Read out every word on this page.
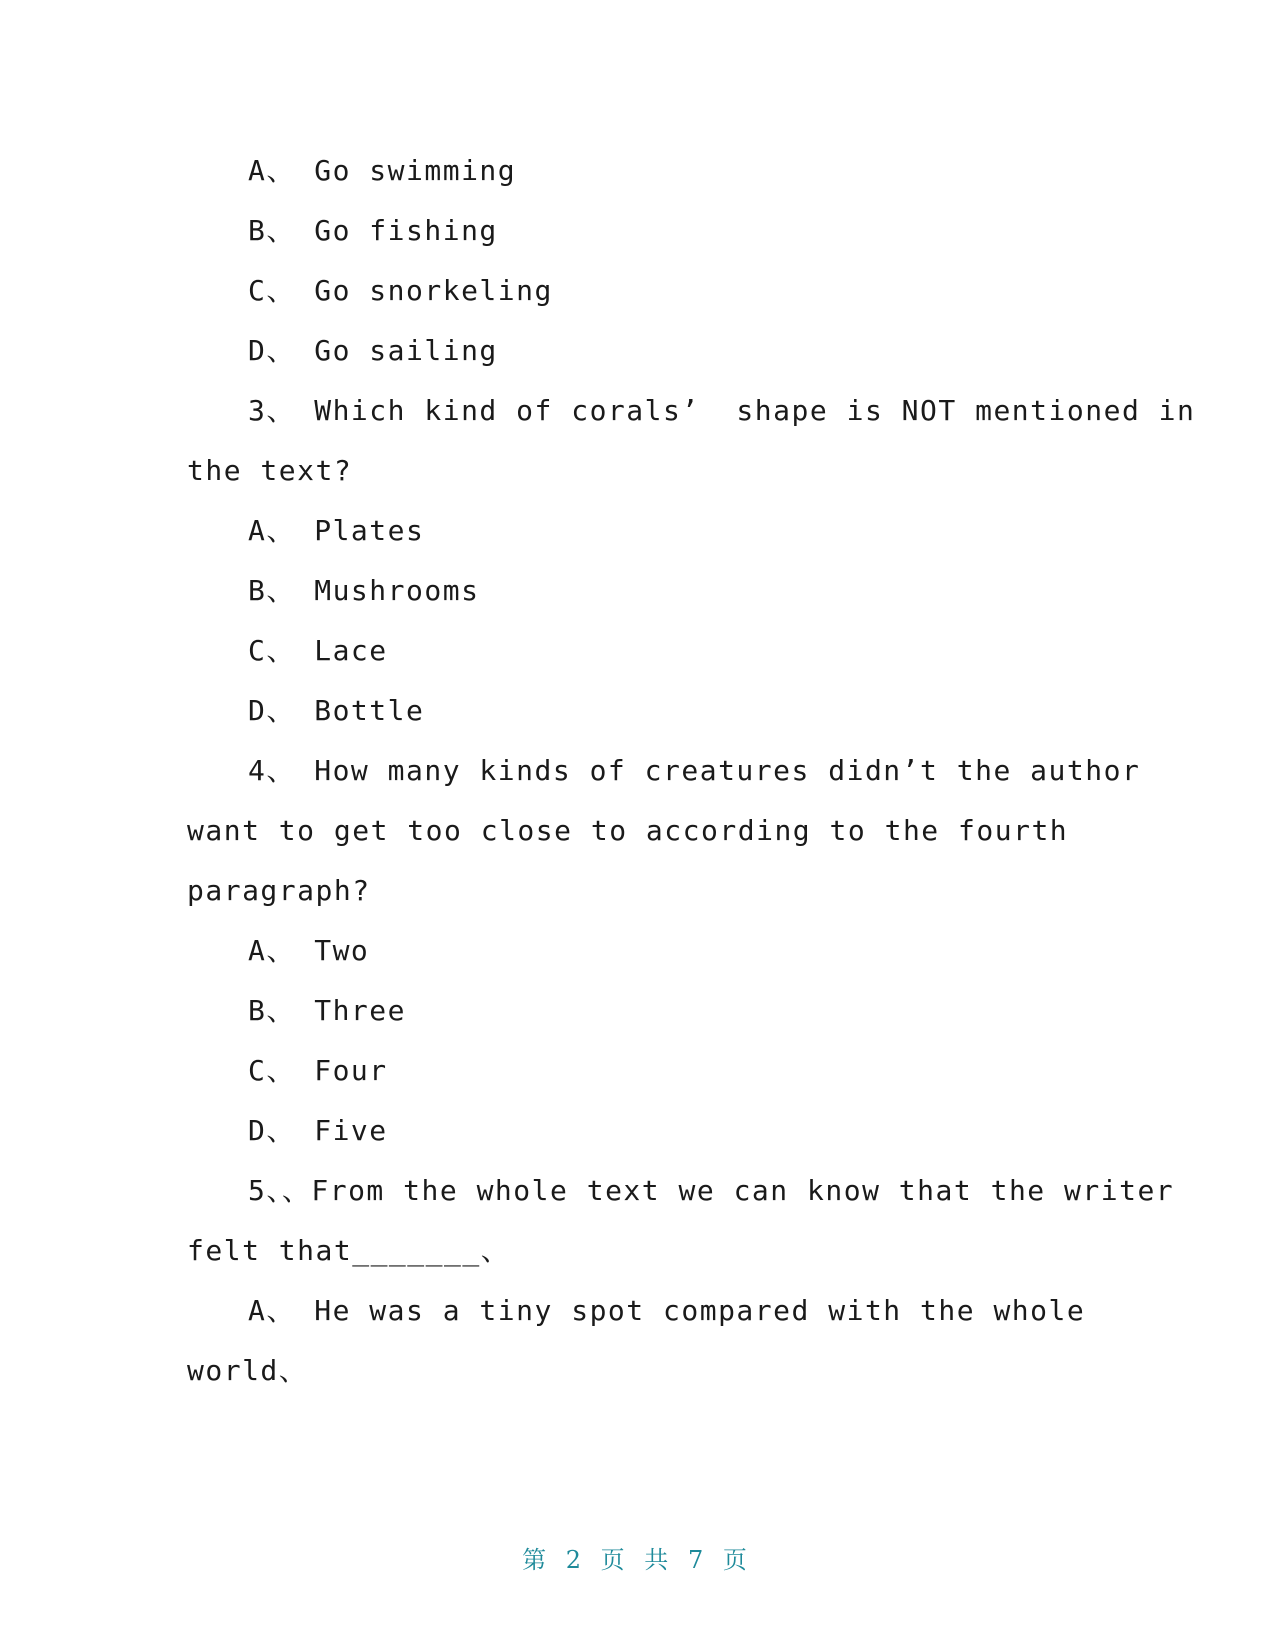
A、 Go swimming
B、 Go fishing
C、 Go snorkeling
D、 Go sailing
3、 Which kind of corals’  shape is NOT mentioned in
the text?
A、 Plates
B、 Mushrooms
C、 Lace
D、 Bottle
4、 How many kinds of creatures didn’t the author
want to get too close to according to the fourth
paragraph?
A、 Two
B、 Three
C、 Four
D、 Five
5、、From the whole text we can know that the writer
felt that_______、
A、 He was a tiny spot compared with the whole
world、
第 2 页 共 7 页
